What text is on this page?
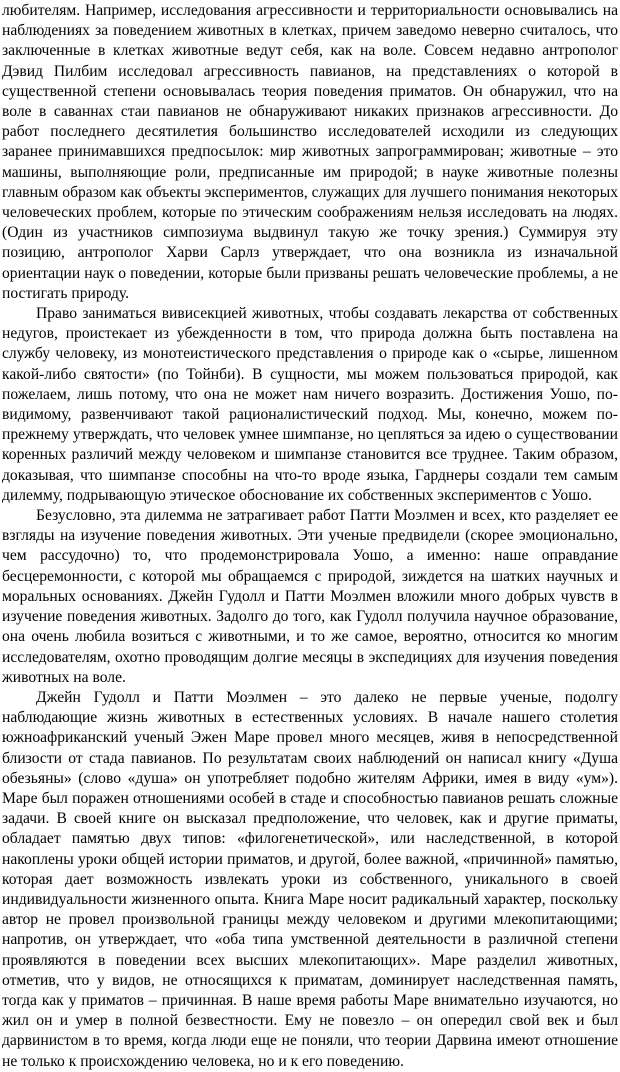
любителям. Например, исследования агрессивности и территориальности основывались на наблюдениях за поведением животных в клетках, причем заведомо неверно считалось, что заключенные в клетках животные ведут себя, как на воле. Совсем недавно антрополог Дэвид Пилбим исследовал агрессивность павианов, на представлениях о которой в существенной степени основывалась теория поведения приматов. Он обнаружил, что на воле в саваннах стаи павианов не обнаруживают никаких признаков агрессивности. До работ последнего десятилетия большинство исследователей исходили из следующих заранее принимавшихся предпосылок: мир животных запрограммирован; животные – это машины, выполняющие роли, предписанные им природой; в науке животные полезны главным образом как объекты экспериментов, служащих для лучшего понимания некоторых человеческих проблем, которые по этическим соображениям нельзя исследовать на людях. (Один из участников симпозиума выдвинул такую же точку зрения.) Суммируя эту позицию, антрополог Харви Сарлз утверждает, что она возникла из изначальной ориентации наук о поведении, которые были призваны решать человеческие проблемы, а не постигать природу.

Право заниматься вивисекцией животных, чтобы создавать лекарства от собственных недугов, проистекает из убежденности в том, что природа должна быть поставлена на службу человеку, из монотеистического представления о природе как о «сырье, лишенном какой-либо святости» (по Тойнби). В сущности, мы можем пользоваться природой, как пожелаем, лишь потому, что она не может нам ничего возразить. Достижения Уошо, по-видимому, развенчивают такой рационалистический подход. Мы, конечно, можем по-прежнему утверждать, что человек умнее шимпанзе, но цепляться за идею о существовании коренных различий между человеком и шимпанзе становится все труднее. Таким образом, доказывая, что шимпанзе способны на что-то вроде языка, Гарднеры создали тем самым дилемму, подрывающую этическое обоснование их собственных экспериментов с Уошо.

Безусловно, эта дилемма не затрагивает работ Патти Моэлмен и всех, кто разделяет ее взгляды на изучение поведения животных. Эти ученые предвидели (скорее эмоционально, чем рассудочно) то, что продемонстрировала Уошо, а именно: наше оправдание бесцеремонности, с которой мы обращаемся с природой, зиждется на шатких научных и моральных основаниях. Джейн Гудолл и Патти Моэлмен вложили много добрых чувств в изучение поведения животных. Задолго до того, как Гудолл получила научное образование, она очень любила возиться с животными, и то же самое, вероятно, относится ко многим исследователям, охотно проводящим долгие месяцы в экспедициях для изучения поведения животных на воле.

Джейн Гудолл и Патти Моэлмен – это далеко не первые ученые, подолгу наблюдающие жизнь животных в естественных условиях. В начале нашего столетия южноафриканский ученый Эжен Маре провел много месяцев, живя в непосредственной близости от стада павианов. По результатам своих наблюдений он написал книгу «Душа обезьяны» (слово «душа» он употребляет подобно жителям Африки, имея в виду «ум»). Маре был поражен отношениями особей в стаде и способностью павианов решать сложные задачи. В своей книге он высказал предположение, что человек, как и другие приматы, обладает памятью двух типов: «филогенетической», или наследственной, в которой накоплены уроки общей истории приматов, и другой, более важной, «причинной» памятью, которая дает возможность извлекать уроки из собственного, уникального в своей индивидуальности жизненного опыта. Книга Маре носит радикальный характер, поскольку автор не провел произвольной границы между человеком и другими млекопитающими; напротив, он утверждает, что «оба типа умственной деятельности в различной степени проявляются в поведении всех высших млекопитающих». Маре разделил животных, отметив, что у видов, не относящихся к приматам, доминирует наследственная память, тогда как у приматов – причинная. В наше время работы Маре внимательно изучаются, но жил он и умер в полной безвестности. Ему не повезло – он опередил свой век и был дарвинистом в то время, когда люди еще не поняли, что теории Дарвина имеют отношение не только к происхождению человека, но и к его поведению.
